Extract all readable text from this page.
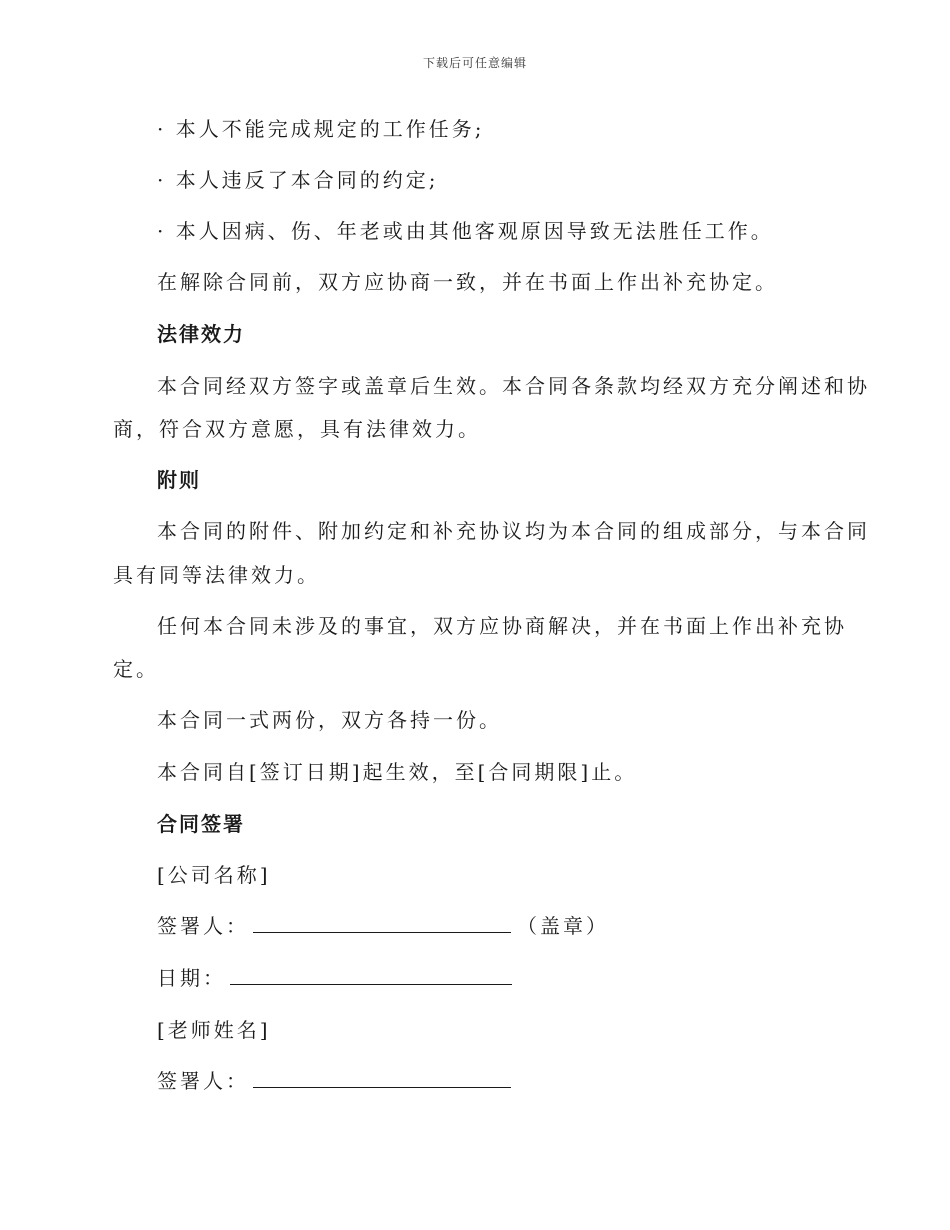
下载后可任意编辑
· 本人不能完成规定的工作任务;
· 本人违反了本合同的约定;
· 本人因病、伤、年老或由其他客观原因导致无法胜任工作。
在解除合同前，双方应协商一致，并在书面上作出补充协定。
法律效力
本合同经双方签字或盖章后生效。本合同各条款均经双方充分阐述和协
商，符合双方意愿，具有法律效力。
附则
本合同的附件、附加约定和补充协议均为本合同的组成部分，与本合同
具有同等法律效力。
任何本合同未涉及的事宜，双方应协商解决，并在书面上作出补充协
定。
本合同一式两份，双方各持一份。
本合同自[签订日期]起生效，至[合同期限]止。
合同签署
[公司名称]
签署人：	（盖章）
日期：
[老师姓名]
签署人：
